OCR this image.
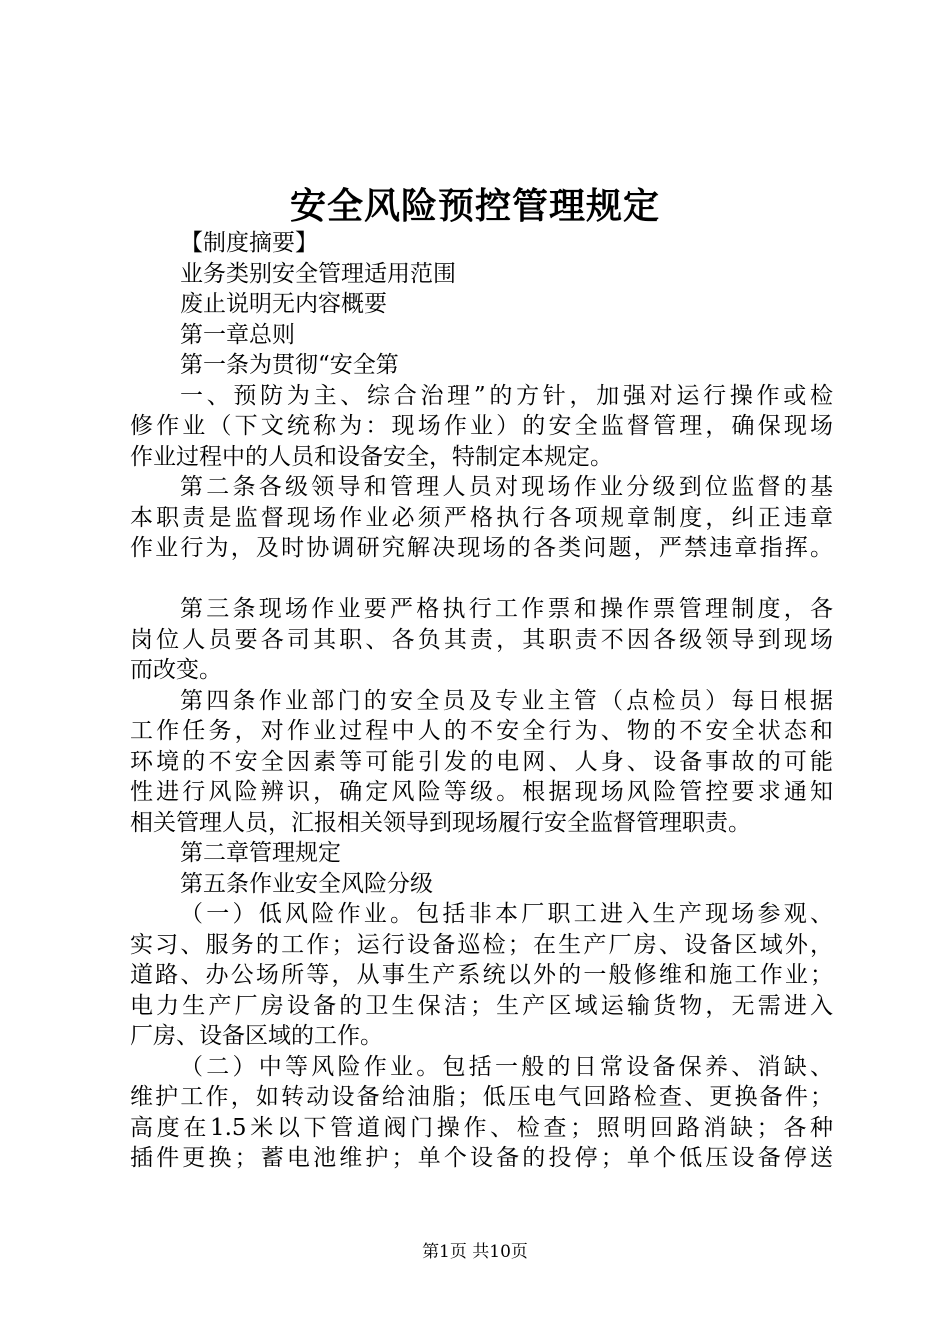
安全风险预控管理规定
【制度摘要】
业务类别安全管理适用范围
废止说明无内容概要
第一章总则
第一条为贯彻“安全第
一、预防为主、综合治理”的方针，加强对运行操作或检
修作业（下文统称为：现场作业）的安全监督管理，确保现场
作业过程中的人员和设备安全，特制定本规定。
第二条各级领导和管理人员对现场作业分级到位监督的基
本职责是监督现场作业必须严格执行各项规章制度，纠正违章
作业行为，及时协调研究解决现场的各类问题，严禁违章指挥。
第三条现场作业要严格执行工作票和操作票管理制度，各
岗位人员要各司其职、各负其责，其职责不因各级领导到现场
而改变。
第四条作业部门的安全员及专业主管（点检员）每日根据
工作任务，对作业过程中人的不安全行为、物的不安全状态和
环境的不安全因素等可能引发的电网、人身、设备事故的可能
性进行风险辨识，确定风险等级。根据现场风险管控要求通知
相关管理人员，汇报相关领导到现场履行安全监督管理职责。
第二章管理规定
第五条作业安全风险分级
（一）低风险作业。包括非本厂职工进入生产现场参观、
实习、服务的工作；运行设备巡检；在生产厂房、设备区域外，
道路、办公场所等，从事生产系统以外的一般修维和施工作业；
电力生产厂房设备的卫生保洁；生产区域运输货物，无需进入
厂房、设备区域的工作。
（二）中等风险作业。包括一般的日常设备保养、消缺、
维护工作，如转动设备给油脂；低压电气回路检查、更换备件；
高度在1.5米以下管道阀门操作、检查；照明回路消缺；各种
插件更换；蓄电池维护；单个设备的投停；单个低压设备停送
第1页 共10页
